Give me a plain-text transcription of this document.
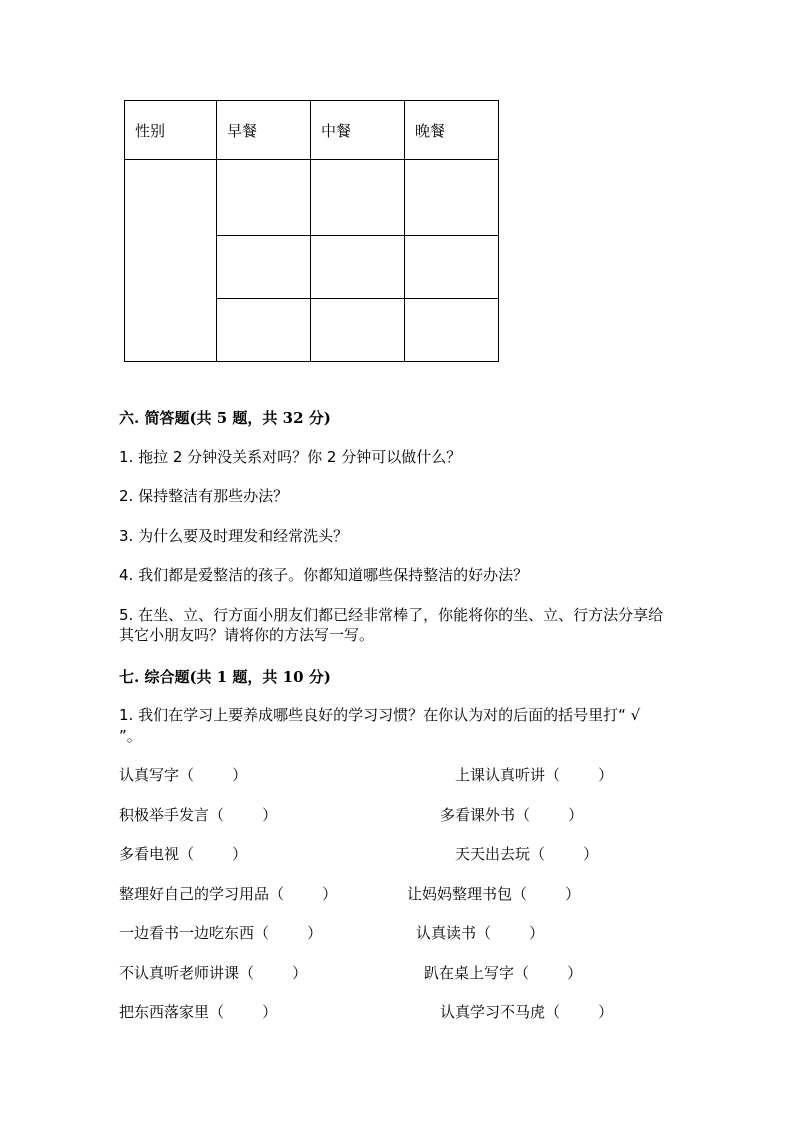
性别	早餐	中餐	晚餐

六. 简答题(共 5 题，共 32 分)
1. 拖拉 2 分钟没关系对吗？你 2 分钟可以做什么？
2. 保持整洁有那些办法？
3. 为什么要及时理发和经常洗头？
4. 我们都是爱整洁的孩子。你都知道哪些保持整洁的好办法？
5. 在坐、立、行方面小朋友们都已经非常棒了，你能将你的坐、立、行方法分享给其它小朋友吗？请将你的方法写一写。
七. 综合题(共 1 题，共 10 分)
1. 我们在学习上要养成哪些良好的学习习惯？在你认为对的后面的括号里打“ √ ”。
认真写字（        ）	上课认真听讲（        ）
积极举手发言（        ）	多看课外书（        ）
多看电视（        ）	天天出去玩（        ）
整理好自己的学习用品（        ）	让妈妈整理书包（        ）
一边看书一边吃东西（        ）	认真读书（        ）
不认真听老师讲课（        ）	趴在桌上写字（        ）
把东西落家里（        ）	认真学习不马虎（        ）
